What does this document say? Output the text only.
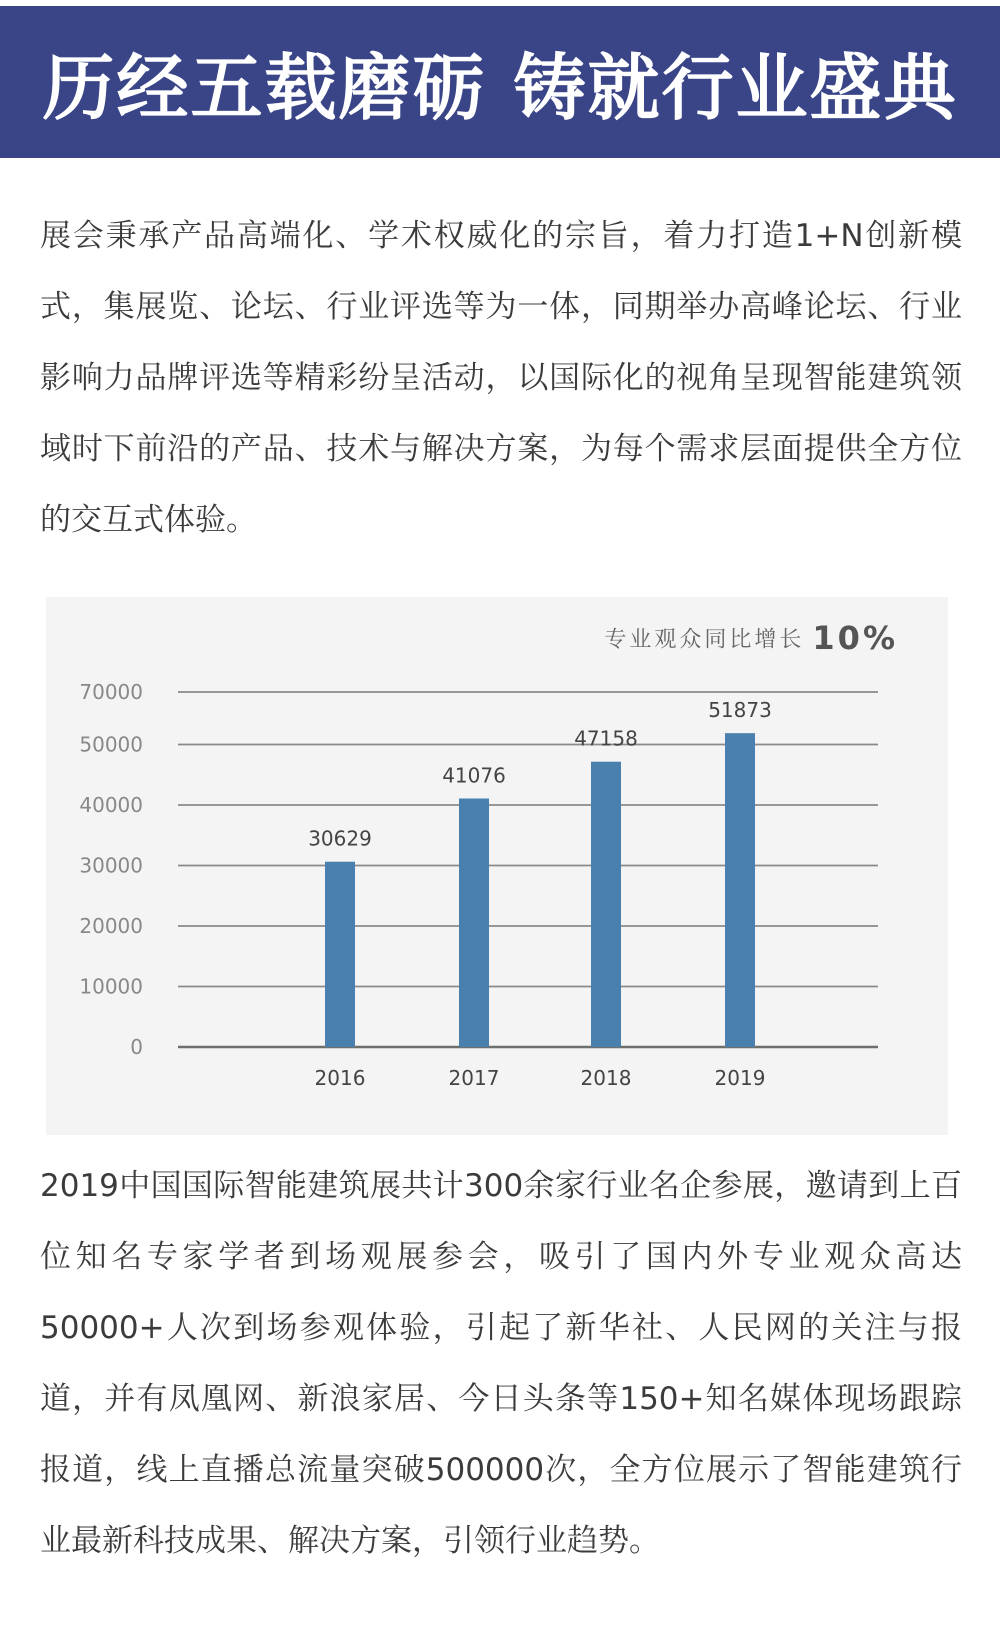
历经五载磨砺 铸就行业盛典

展会秉承产品高端化、学术权威化的宗旨，着力打造1+N创新模式，集展览、论坛、行业评选等为一体，同期举办高峰论坛、行业影响力品牌评选等精彩纷呈活动，以国际化的视角呈现智能建筑领域时下前沿的产品、技术与解决方案，为每个需求层面提供全方位的交互式体验。

专业观众同比增长 10%
0
10000
20000
30000
40000
50000
70000
30629
2016
41076
2017
47158
2018
51873
2019

2019中国国际智能建筑展共计300余家行业名企参展，邀请到上百位知名专家学者到场观展参会，吸引了国内外专业观众高达50000+人次到场参观体验，引起了新华社、人民网的关注与报道，并有凤凰网、新浪家居、今日头条等150+知名媒体现场跟踪报道，线上直播总流量突破500000次，全方位展示了智能建筑行业最新科技成果、解决方案，引领行业趋势。
